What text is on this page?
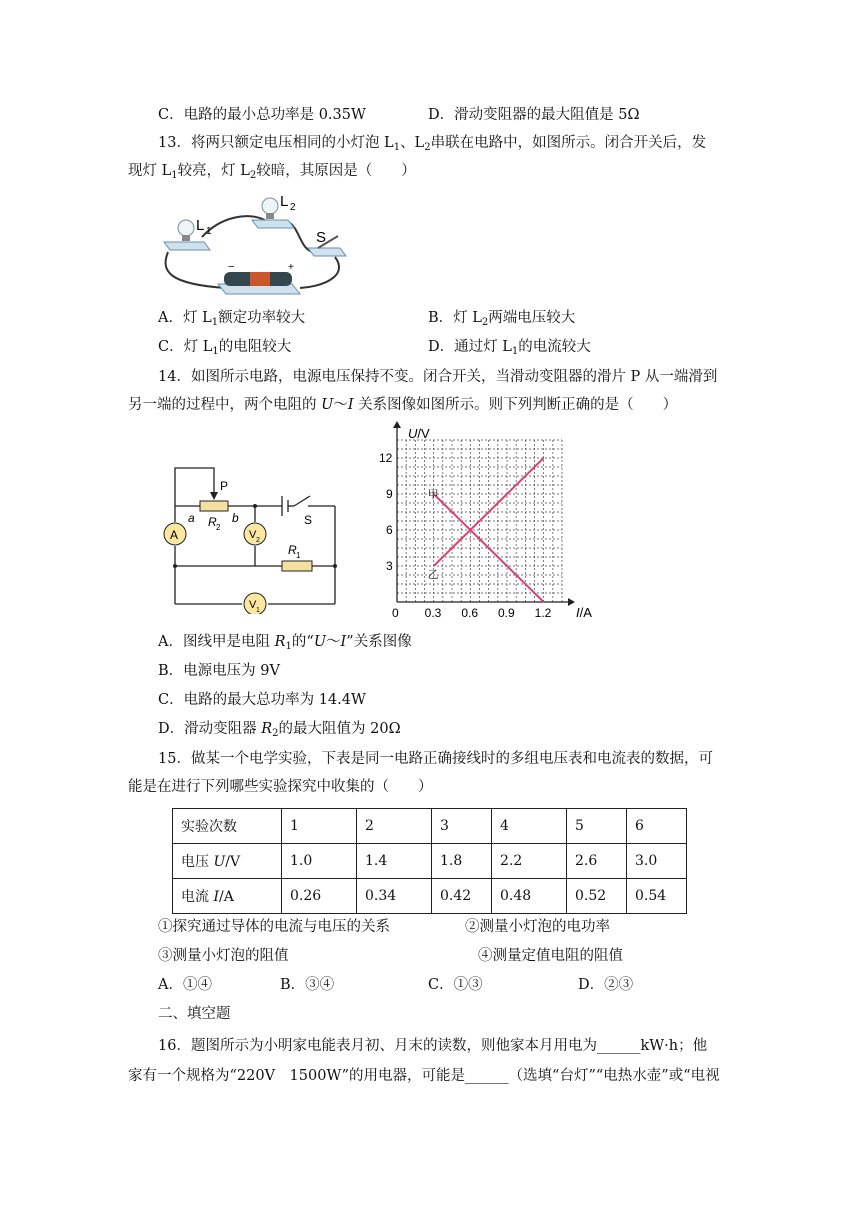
C．电路的最小总功率是 0.35W	D．滑动变阻器的最大阻值是 5Ω
13．将两只额定电压相同的小灯泡 $L_1$、$L_2$串联在电路中，如图所示。闭合开关后，发
现灯 $L_1$较亮，灯 $L_2$较暗，其原因是（　　）
L 1
L 2
S
−	+
A．灯 $L_1$额定功率较大	B．灯 $L_2$两端电压较大
C．灯 $L_1$的电阻较大	D．通过灯 $L_1$的电流较大
14．如图所示电路，电源电压保持不变。闭合开关，当滑动变阻器的滑片 P 从一端滑到
另一端的过程中，两个电阻的 U～I 关系图像如图所示。则下列判断正确的是（　　）
P
a	b
R 2
R 1
A	V 2
V 1
S
甲
乙
0.3 0.6 0.9 1.2
3
6
9
12
U/V
I/A
0
A．图线甲是电阻 $R_1$的“U～I”关系图像
B．电源电压为 9V
C．电路的最大总功率为 14.4W
D．滑动变阻器 $R_2$的最大阻值为 20Ω
15．做某一个电学实验，下表是同一电路正确接线时的多组电压表和电流表的数据，可
能是在进行下列哪些实验探究中收集的（　　）
实验次数	1	2	3	4	5	6
电压 U/V	1.0	1.4	1.8	2.2	2.6	3.0
电流 I/A	0.26	0.34	0.42	0.48	0.52	0.54
①探究通过导体的电流与电压的关系	②测量小灯泡的电功率
③测量小灯泡的阻值	④测量定值电阻的阻值
A．①④	B．③④	C．①③	D．②③
二、填空题
16．题图所示为小明家电能表月初、月末的读数，则他家本月用电为______kW·h；他
家有一个规格为“220V　1500W”的用电器，可能是______（选填“台灯”“电热水壶”或“电视
